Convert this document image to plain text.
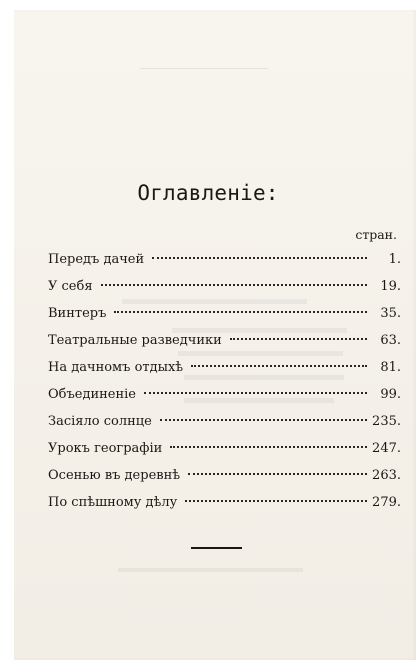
Оглавленіе:
стран.
Передъ дачей	1.
У себя	19.
Винтеръ	35.
Театральные разведчики	63.
На дачномъ отдыхѣ	81.
Объединеніе	99.
Засіяло солнце	235.
Урокъ географіи	247.
Осенью въ деревнѣ	263.
По спѣшному дѣлу	279.
